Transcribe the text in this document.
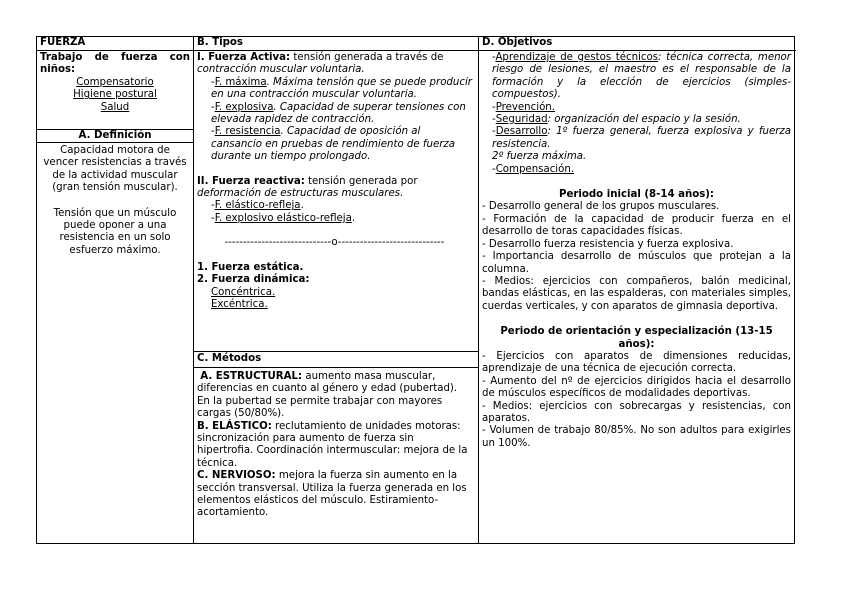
FUERZA

Trabajo de fuerza con niños:

Compensatorio

Higiene postural

Salud

A. Definición

Capacidad motora de vencer resistencias a través de la actividad muscular (gran tensión muscular).

Tensión que un músculo puede oponer a una resistencia en un solo esfuerzo máximo.

B. Tipos

I. Fuerza Activa: tensión generada a través de

contracción muscular voluntaria.

-F. máxima. Máxima tensión que se puede producir en una contracción muscular voluntaria.

-F. explosiva. Capacidad de superar tensiones con elevada rapidez de contracción.

-F. resistencia. Capacidad de oposición al cansancio en pruebas de rendimiento de fuerza durante un tiempo prolongado.

II. Fuerza reactiva: tensión generada por

deformación de estructuras musculares.

-F. elástico-refleja.

-F. explosivo elástico-refleja.

-----------------------------o-----------------------------

1. Fuerza estática.

2. Fuerza dinámica:

Concéntrica.

Excéntrica.

C. Métodos

A. ESTRUCTURAL: aumento masa muscular, diferencias en cuanto al género y edad (pubertad). En la pubertad se permite trabajar con mayores cargas (50/80%).

B. ELÁSTICO: reclutamiento de unidades motoras: sincronización para aumento de fuerza sin hipertrofia. Coordinación intermuscular: mejora de la técnica.

C. NERVIOSO: mejora la fuerza sin aumento en la sección transversal. Utiliza la fuerza generada en los elementos elásticos del músculo. Estiramiento-acortamiento.

D. Objetivos

-Aprendizaje de gestos técnicos: técnica correcta, menor riesgo de lesiones, el maestro es el responsable de la formación y la elección de ejercicios (simples-compuestos).

-Prevención.

-Seguridad: organización del espacio y la sesión.

-Desarrollo: 1º fuerza general, fuerza explosiva y fuerza resistencia.

2º fuerza máxima.

-Compensación.

Periodo inicial (8-14 años):

- Desarrollo general de los grupos musculares.

- Formación de la capacidad de producir fuerza en el desarrollo de toras capacidades físicas.

- Desarrollo fuerza resistencia y fuerza explosiva.

- Importancia desarrollo de músculos que protejan a la columna.

- Medios: ejercicios con compañeros, balón medicinal, bandas elásticas, en las espalderas, con materiales simples, cuerdas verticales, y con aparatos de gimnasia deportiva.

Periodo de orientación y especialización (13-15 años):

- Ejercicios con aparatos de dimensiones reducidas, aprendizaje de una técnica de ejecución correcta.

- Aumento del nº de ejercicios dirigidos hacia el desarrollo de músculos específicos de modalidades deportivas.

- Medios: ejercicios con sobrecargas y resistencias, con aparatos.

- Volumen de trabajo 80/85%. No son adultos para exigirles un 100%.
